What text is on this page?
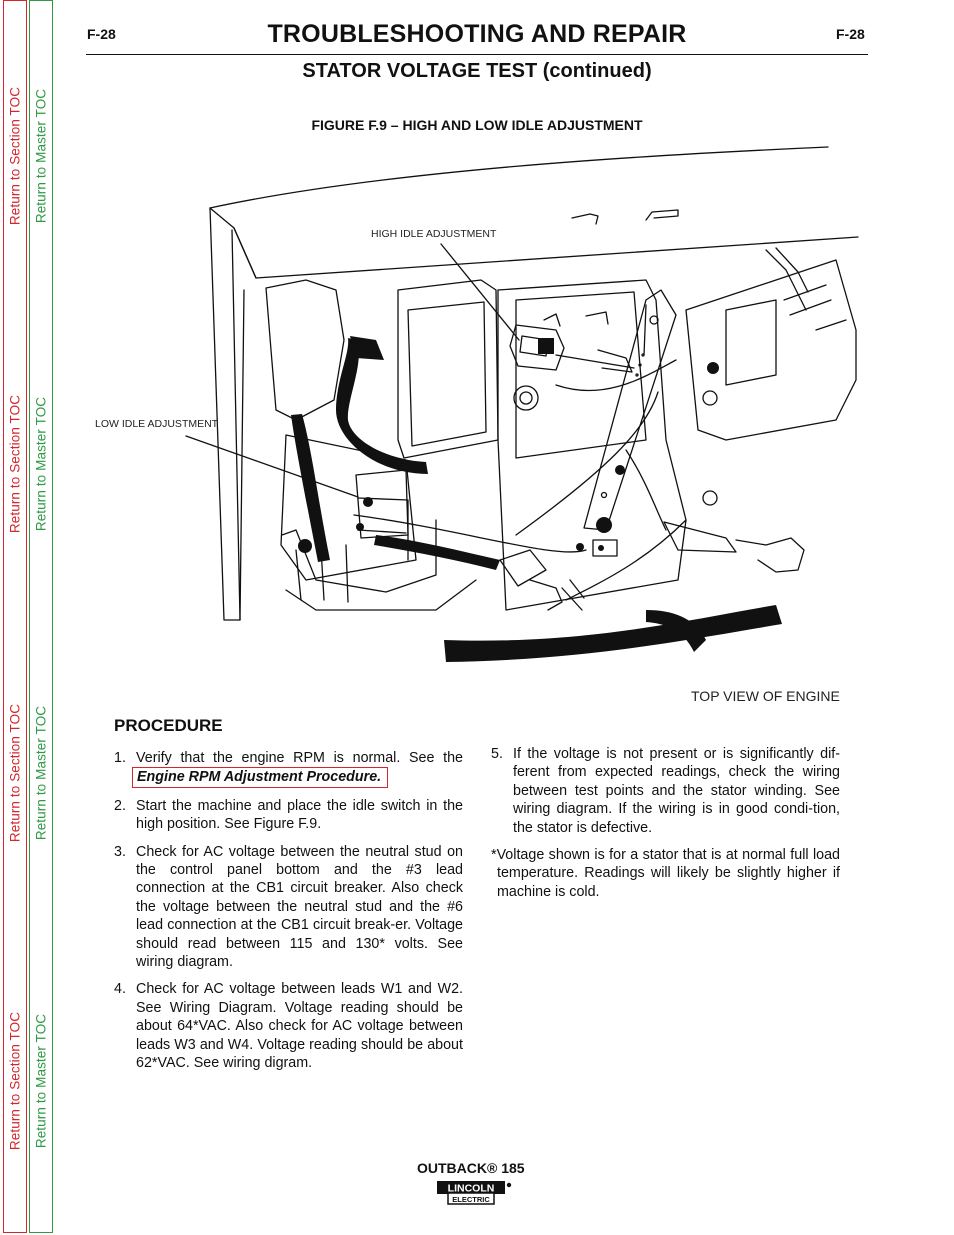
Return to Section TOC
Return to Section TOC
Return to Section TOC
Return to Section TOC
Return to Master TOC
Return to Master TOC
Return to Master TOC
Return to Master TOC
F-28	TROUBLESHOOTING AND REPAIR	F-28
STATOR VOLTAGE TEST (continued)
FIGURE F.9 – HIGH AND LOW IDLE ADJUSTMENT
HIGH IDLE ADJUSTMENT
LOW IDLE ADJUSTMENT
TOP VIEW OF ENGINE
PROCEDURE
1. Verify that the engine RPM is normal. See the Engine RPM Adjustment Procedure.
2. Start the machine and place the idle switch in the high position. See Figure F.9.
3. Check for AC voltage between the neutral stud on the control panel bottom and the #3 lead connection at the CB1 circuit breaker. Also check the voltage between the neutral stud and the #6 lead connection at the CB1 circuit break-er. Voltage should read between 115 and 130* volts. See wiring diagram.
4. Check for AC voltage between leads W1 and W2. See Wiring Diagram. Voltage reading should be about 64*VAC. Also check for AC voltage between leads W3 and W4. Voltage reading should be about 62*VAC. See wiring digram.
5. If the voltage is not present or is significantly dif-ferent from expected readings, check the wiring between test points and the stator winding. See wiring diagram. If the wiring is in good condi-tion, the stator is defective.
*Voltage shown is for a stator that is at normal full load temperature. Readings will likely be slightly higher if machine is cold.
OUTBACK® 185
LINCOLN
ELECTRIC
